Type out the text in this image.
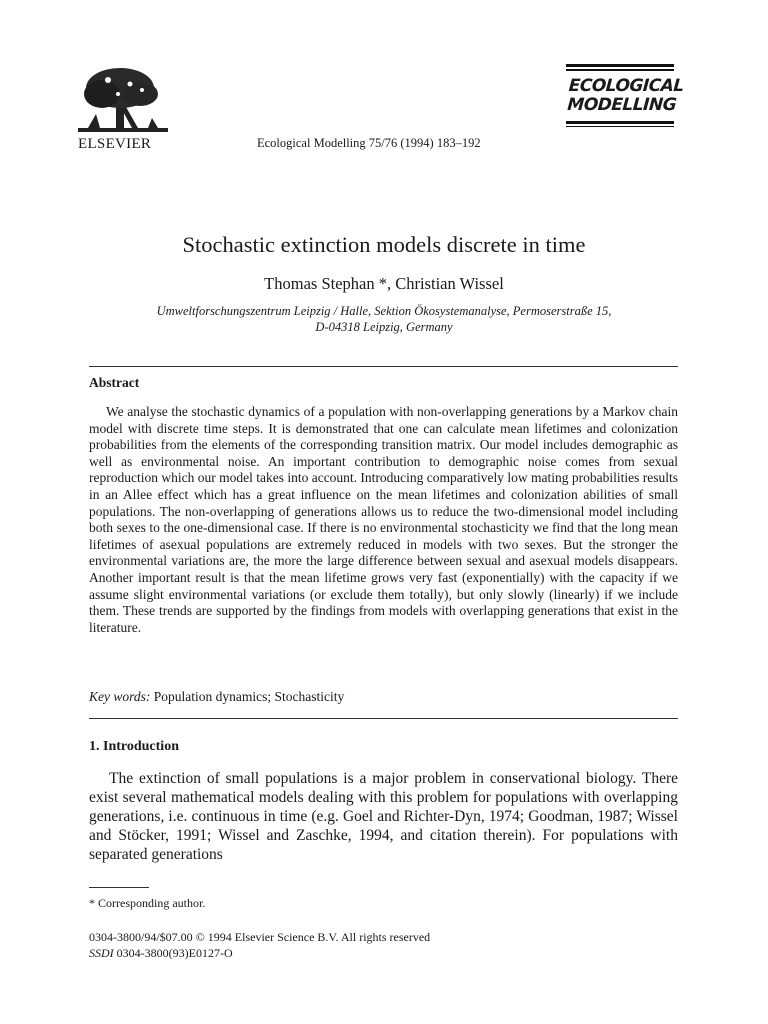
ELSEVIER	Ecological Modelling 75/76 (1994) 183–192
ECOLOGICAL
MODELLING
Stochastic extinction models discrete in time
Thomas Stephan *, Christian Wissel
Umweltforschungszentrum Leipzig / Halle, Sektion Ökosystemanalyse, Permoserstraße 15,
D-04318 Leipzig, Germany
Abstract

We analyse the stochastic dynamics of a population with non-overlapping generations by a Markov chain model with discrete time steps. It is demonstrated that one can calculate mean lifetimes and colonization probabilities from the elements of the corresponding transition matrix. Our model includes demographic as well as environmental noise. An important contribution to demographic noise comes from sexual reproduction which our model takes into account. Introducing comparatively low mating probabilities results in an Allee effect which has a great influence on the mean lifetimes and colonization abilities of small populations. The non-overlapping of generations allows us to reduce the two-dimensional model including both sexes to the one-dimensional case. If there is no environmental stochasticity we find that the long mean lifetimes of asexual populations are extremely reduced in models with two sexes. But the stronger the environmental variations are, the more the large difference between sexual and asexual models disappears. Another important result is that the mean lifetime grows very fast (exponentially) with the capacity if we assume slight environmental variations (or exclude them totally), but only slowly (linearly) if we include them. These trends are supported by the findings from models with overlapping generations that exist in the literature.

Key words: Population dynamics; Stochasticity
1. Introduction

The extinction of small populations is a major problem in conservational biology. There exist several mathematical models dealing with this problem for populations with overlapping generations, i.e. continuous in time (e.g. Goel and Richter-Dyn, 1974; Goodman, 1987; Wissel and Stöcker, 1991; Wissel and Zaschke, 1994, and citation therein). For populations with separated generations

* Corresponding author.
0304-3800/94/$07.00 © 1994 Elsevier Science B.V. All rights reserved
SSDI 0304-3800(93)E0127-O
